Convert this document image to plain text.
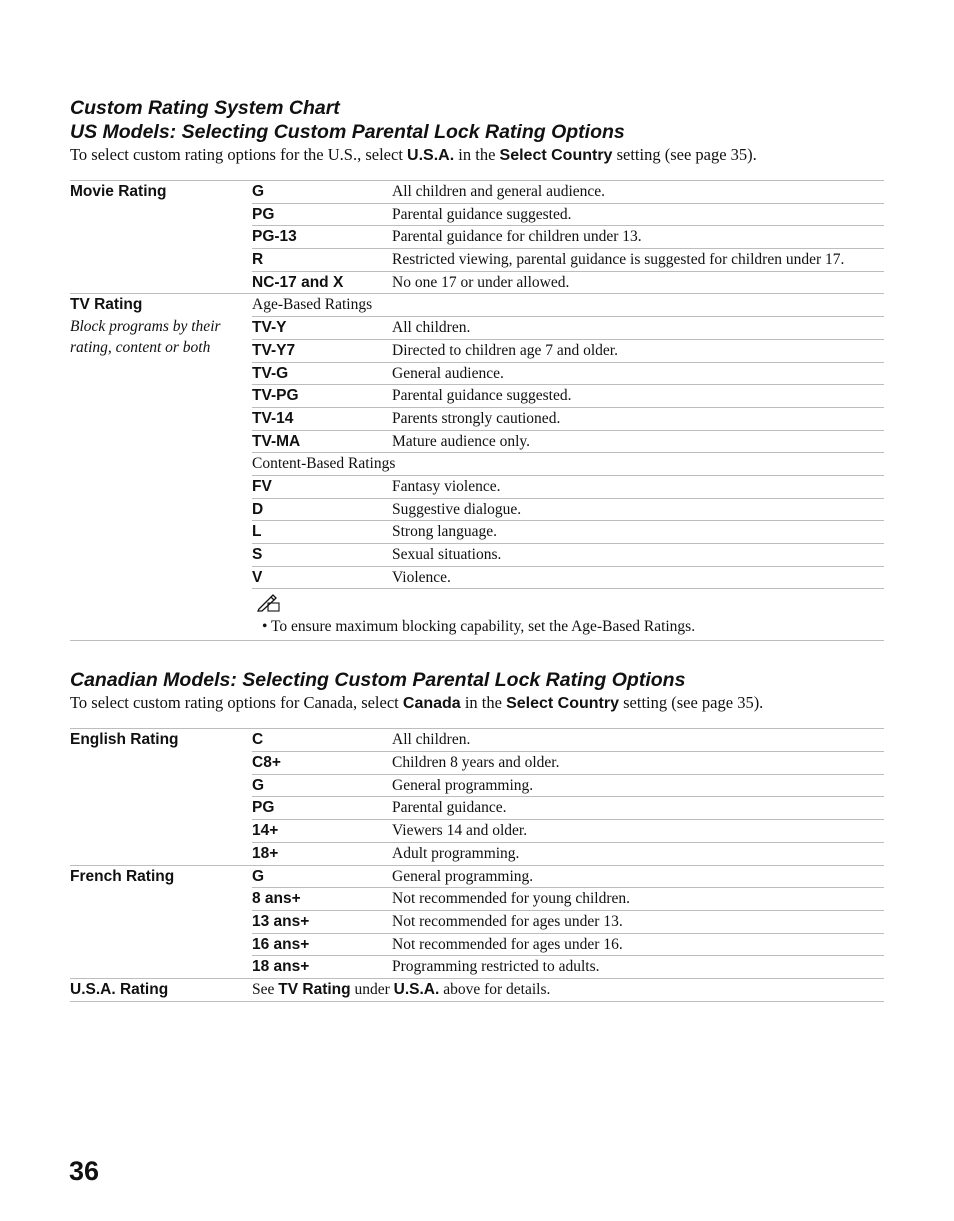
Custom Rating System Chart
US Models: Selecting Custom Parental Lock Rating Options

To select custom rating options for the U.S., select U.S.A. in the Select Country setting (see page 35).

Movie Rating	G	All children and general audience.
	PG	Parental guidance suggested.
	PG-13	Parental guidance for children under 13.
	R	Restricted viewing, parental guidance is suggested for children under 17.
	NC-17 and X	No one 17 or under allowed.

TV Rating
Block programs by their rating, content or both	Age-Based Ratings	
	TV-Y	All children.
	TV-Y7	Directed to children age 7 and older.
	TV-G	General audience.
	TV-PG	Parental guidance suggested.
	TV-14	Parents strongly cautioned.
	TV-MA	Mature audience only.
	Content-Based Ratings	
	FV	Fantasy violence.
	D	Suggestive dialogue.
	L	Strong language.
	S	Sexual situations.
	V	Violence.

	• To ensure maximum blocking capability, set the Age-Based Ratings.	
Canadian Models: Selecting Custom Parental Lock Rating Options

To select custom rating options for Canada, select Canada in the Select Country setting (see page 35).

English Rating	C	All children.
	C8+	Children 8 years and older.
	G	General programming.
	PG	Parental guidance.
	14+	Viewers 14 and older.
	18+	Adult programming.

French Rating	G	General programming.
	8 ans+	Not recommended for young children.
	13 ans+	Not recommended for ages under 13.
	16 ans+	Not recommended for ages under 16.
	18 ans+	Programming restricted to adults.

U.S.A. Rating	See TV Rating under U.S.A. above for details.	
36
